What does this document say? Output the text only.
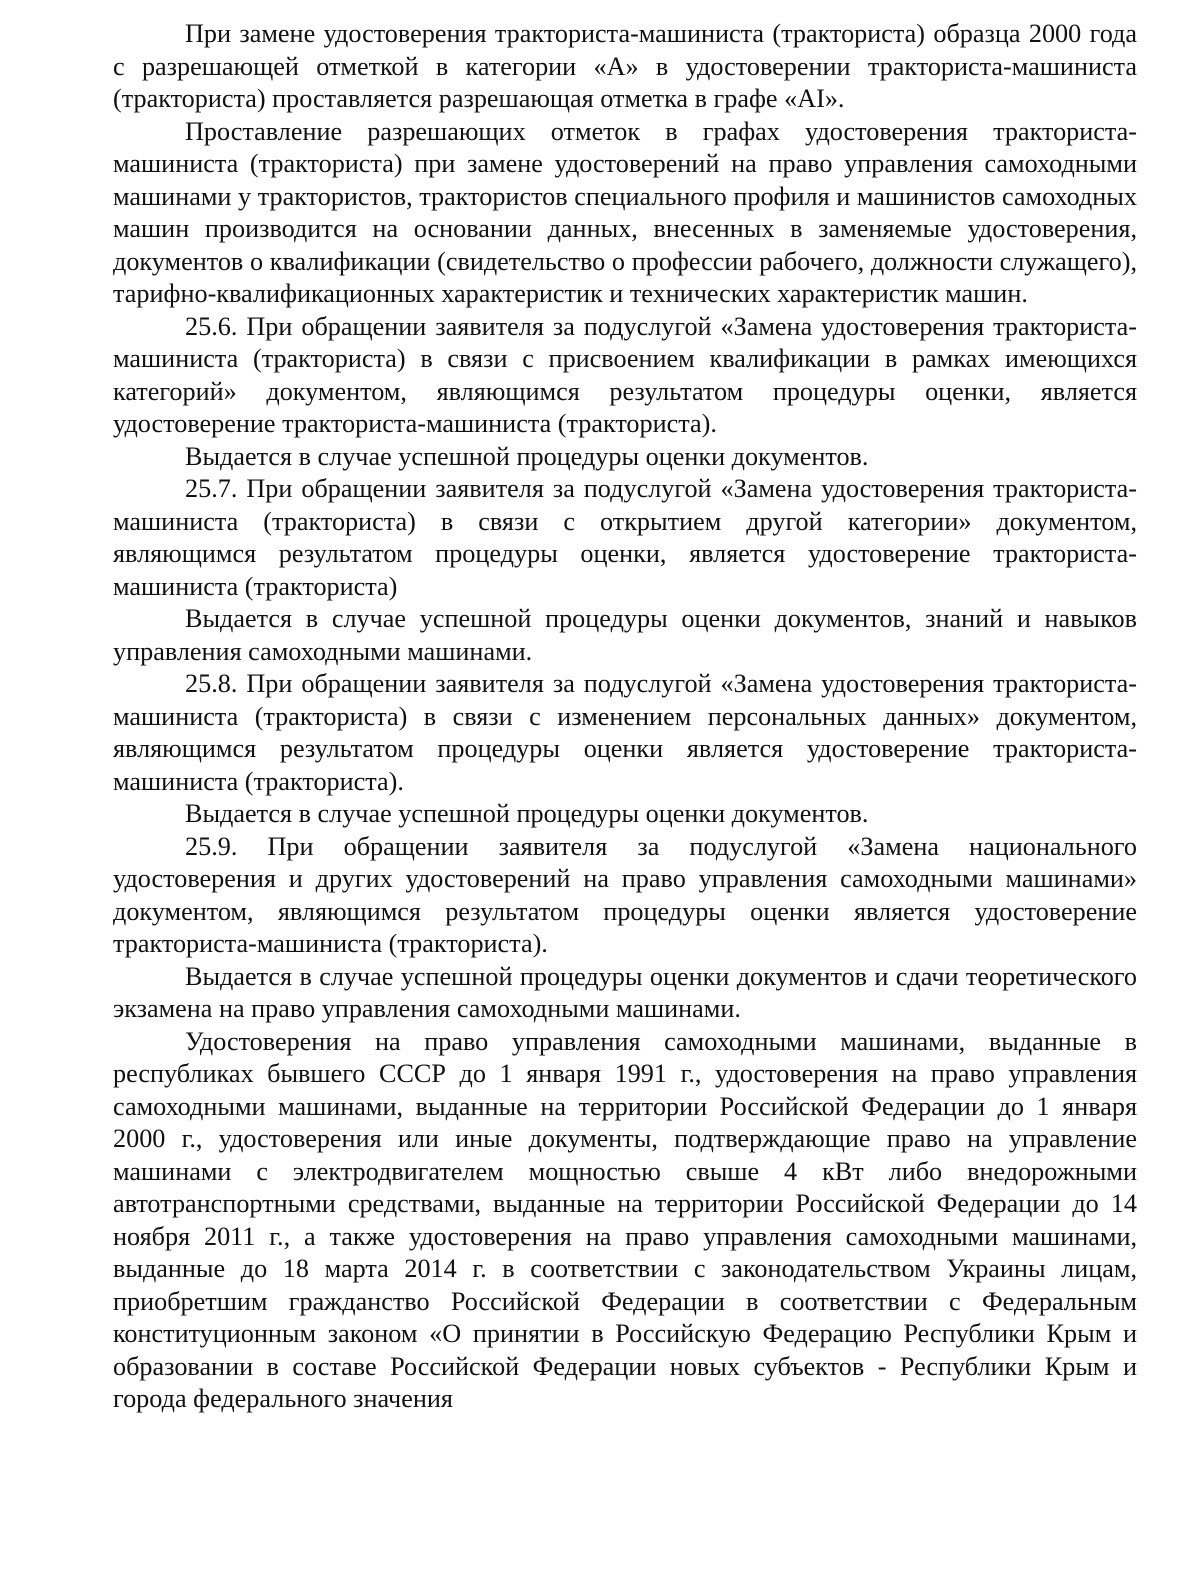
При замене удостоверения тракториста-машиниста (тракториста) образца 2000 года с разрешающей отметкой в категории «А» в удостоверении тракториста-машиниста (тракториста) проставляется разрешающая отметка в графе «AI».

Проставление разрешающих отметок в графах удостоверения тракториста-машиниста (тракториста) при замене удостоверений на право управления самоходными машинами у трактористов, трактористов специального профиля и машинистов самоходных машин производится на основании данных, внесенных в заменяемые удостоверения, документов о квалификации (свидетельство о профессии рабочего, должности служащего), тарифно-квалификационных характеристик и технических характеристик машин.

25.6. При обращении заявителя за подуслугой «Замена удостоверения тракториста-машиниста (тракториста) в связи с присвоением квалификации в рамках имеющихся категорий» документом, являющимся результатом процедуры оценки, является удостоверение тракториста-машиниста (тракториста).

Выдается в случае успешной процедуры оценки документов.

25.7. При обращении заявителя за подуслугой «Замена удостоверения тракториста-машиниста (тракториста) в связи с открытием другой категории» документом, являющимся результатом процедуры оценки, является удостоверение тракториста-машиниста (тракториста)

Выдается в случае успешной процедуры оценки документов, знаний и навыков управления самоходными машинами.

25.8. При обращении заявителя за подуслугой «Замена удостоверения тракториста-машиниста (тракториста) в связи с изменением персональных данных» документом, являющимся результатом процедуры оценки является удостоверение тракториста-машиниста (тракториста).

Выдается в случае успешной процедуры оценки документов.

25.9. При обращении заявителя за подуслугой «Замена национального удостоверения и других удостоверений на право управления самоходными машинами» документом, являющимся результатом процедуры оценки является удостоверение тракториста-машиниста (тракториста).

Выдается в случае успешной процедуры оценки документов и сдачи теоретического экзамена на право управления самоходными машинами.

Удостоверения на право управления самоходными машинами, выданные в республиках бывшего СССР до 1 января 1991 г., удостоверения на право управления самоходными машинами, выданные на территории Российской Федерации до 1 января 2000 г., удостоверения или иные документы, подтверждающие право на управление машинами с электродвигателем мощностью свыше 4 кВт либо внедорожными автотранспортными средствами, выданные на территории Российской Федерации до 14 ноября 2011 г., а также удостоверения на право управления самоходными машинами, выданные до 18 марта 2014 г. в соответствии с законодательством Украины лицам, приобретшим гражданство Российской Федерации в соответствии с Федеральным конституционным законом «О принятии в Российскую Федерацию Республики Крым и образовании в составе Российской Федерации новых субъектов - Республики Крым и города федерального значения
